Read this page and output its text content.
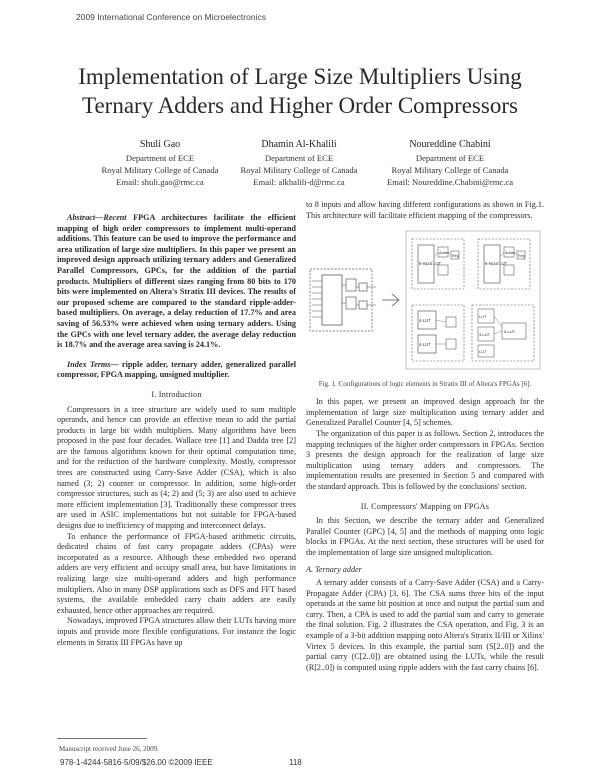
2009 International Conference on Microelectronics
Implementation of Large Size Multipliers Using
Ternary Adders and Higher Order Compressors
Shuli Gao
Department of ECE
Royal Military College of Canada
Email: shuli.gao@rmc.ca
Dhamin Al-Khalili
Department of ECE
Royal Military College of Canada
Email: alkhalili-d@rmc.ca
Noureddine Chabini
Department of ECE
Royal Military College of Canada
Email: Noureddine.Chabini@rmc.ca

Abstract—Recent FPGA architectures facilitate the efficient mapping of high order compressors to implement multi-operand additions. This feature can be used to improve the performance and area utilization of large size multipliers. In this paper we present an improved design approach utilizing ternary adders and Generalized Parallel Compressors, GPCs, for the addition of the partial products. Multipliers of different sizes ranging from 80 bits to 170 bits were implemented on Altera's Stratix III devices. The results of our proposed scheme are compared to the standard ripple-adder-based multipliers. On average, a delay reduction of 17.7% and area saving of 56.53% were achieved when using ternary adders. Using the GPCs with one level ternary adder, the average delay reduction is 18.7% and the average area saving is 24.1%.

Index Terms— ripple adder, ternary adder, generalized parallel compressor, FPGA mapping, unsigned multiplier.

I. Introduction

Compressors in a tree structure are widely used to sum multiple operands, and hence can provide an effective mean to add the partial products in large bit width multipliers. Many algorithms have been proposed in the past four decades. Wallace tree [1] and Dadda tree [2] are the famous algorithms known for their optimal computation time, and for the reduction of the hardware complexity. Mostly, compressor trees are constructed using Carry-Save Adder (CSA), which is also named (3; 2) counter or compressor. In addition, some high-order compressor structures, such as (4; 2) and (5; 3) are also used to achieve more efficient implementation [3]. Traditionally these compressor trees are used in ASIC implementations but not suitable for FPGA-based designs due to inefficiency of mapping and interconnect delays.

To enhance the performance of FPGA-based arithmetic circuits, dedicated chains of fast carry propagate adders (CPAs) were incorporated as a resource. Although these embedded two operand adders are very efficient and occupy small area, but have limitations in realizing large size multi-operand adders and high performance multipliers. Also in many DSP applications such as DFS and FFT based systems, the available embedded carry chain adders are easily exhausted, hence other approaches are required.

Nowadays, improved FPGA structures allow their LUTs having more inputs and provide more flexible configurations. For instance the logic elements in Stratix III FPGAs have up

to 8 inputs and allow having different configurations as shown in Fig.1. This architecture will facilitate efficient mapping of the compressors.

6-Input LUT
Adder
Reg
6-Input LUT
Adder
Reg
4-LUT
4-LUT
LUT
3-LUT
LUT
5-LUT
Fig. 1. Configurations of logic elements in Stratix III of Altera's FPGAs [6].

In this paper, we present an improved design approach for the implementation of large size multiplication using ternary adder and Generalized Parallel Counter [4, 5] schemes.

The organization of this paper is as follows. Section 2, introduces the mapping techniques of the higher order compressors in FPGAs. Section 3 presents the design approach for the realization of large size multiplication using ternary adders and compressors. The implementation results are presented in Section 5 and compared with the standard approach. This is followed by the conclusions' section.

II. Compressors' Mapping on FPGAs

In this Section, we describe the ternary adder and Generalized Parallel Counter (GPC) [4, 5] and the methods of mapping onto logic blocks in FPGAs. At the next section, these structures will be used for the implementation of large size unsigned multiplication.

A. Ternary adder

A ternary adder consists of a Carry-Save Adder (CSA) and a Carry-Propagate Adder (CPA) [3, 6]. The CSA sums three bits of the input operands at the same bit position at once and output the partial sum and carry. Then, a CPA is used to add the partial sum and carry to generate the final solution. Fig. 2 illustrates the CSA operation, and Fig. 3 is an example of a 3-bit addition mapping onto Altera's Stratix II/III or Xilinx' Virtex 5 devices. In this example, the partial sum (S[2..0]) and the partial carry (C[2..0]) are obtained using the LUTs, while the result (R[2..0]) is computed using ripple adders with the fast carry chains [6].

Manuscript received June 26, 2009.
978-1-4244-5816-5/09/$26.00 ©2009 IEEE	118
